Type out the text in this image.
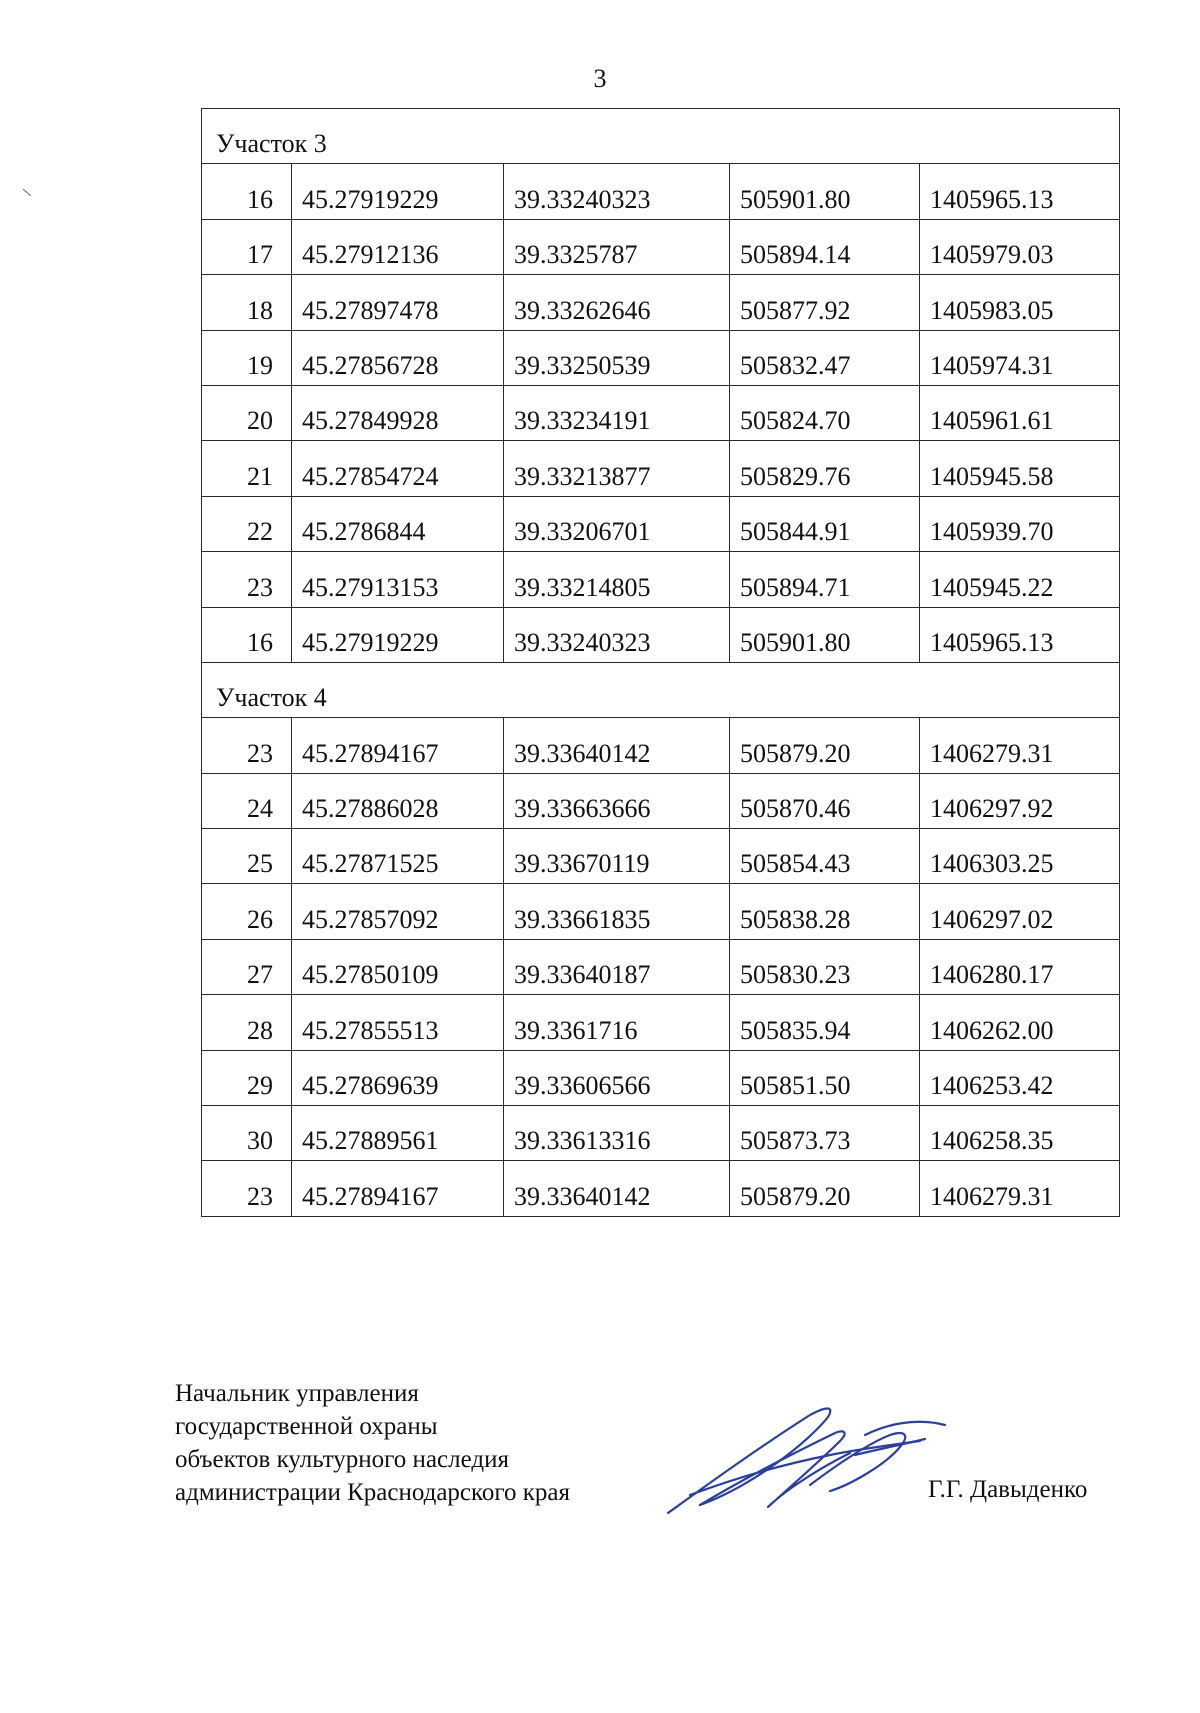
3
Участок 3				
16	45.27919229	39.33240323	505901.80	1405965.13
17	45.27912136	39.3325787	505894.14	1405979.03
18	45.27897478	39.33262646	505877.92	1405983.05
19	45.27856728	39.33250539	505832.47	1405974.31
20	45.27849928	39.33234191	505824.70	1405961.61
21	45.27854724	39.33213877	505829.76	1405945.58
22	45.2786844	39.33206701	505844.91	1405939.70
23	45.27913153	39.33214805	505894.71	1405945.22
16	45.27919229	39.33240323	505901.80	1405965.13
Участок 4				
23	45.27894167	39.33640142	505879.20	1406279.31
24	45.27886028	39.33663666	505870.46	1406297.92
25	45.27871525	39.33670119	505854.43	1406303.25
26	45.27857092	39.33661835	505838.28	1406297.02
27	45.27850109	39.33640187	505830.23	1406280.17
28	45.27855513	39.3361716	505835.94	1406262.00
29	45.27869639	39.33606566	505851.50	1406253.42
30	45.27889561	39.33613316	505873.73	1406258.35
23	45.27894167	39.33640142	505879.20	1406279.31
Начальник управления
государственной охраны
объектов культурного наследия
администрации Краснодарского края	Г.Г. Давыденко
